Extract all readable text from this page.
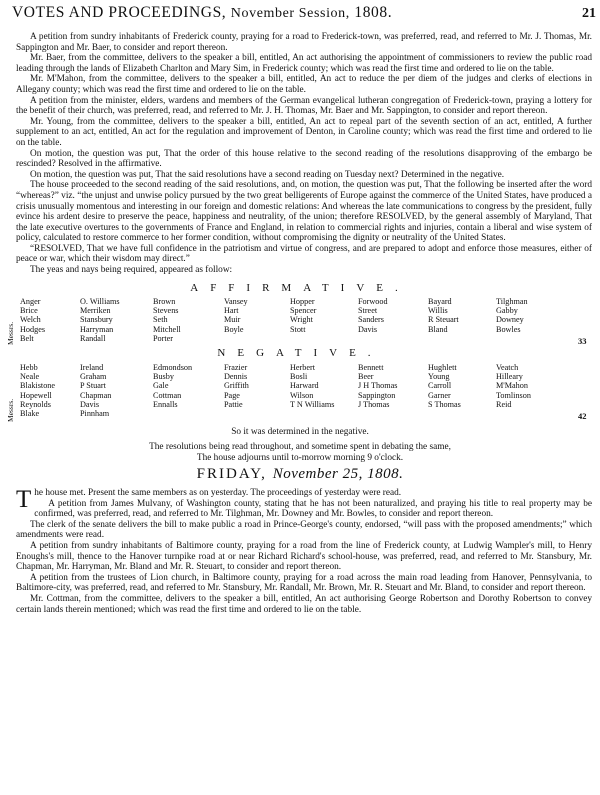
VOTES AND PROCEEDINGS, November Session, 1808.	21

A petition from sundry inhabitants of Frederick county, praying for a road to Frederick-town, was preferred, read, and referred to Mr. J. Thomas, Mr. Sappington and Mr. Baer, to consider and report thereon.

Mr. Baer, from the committee, delivers to the speaker a bill, entitled, An act authorising the appointment of commissioners to review the public road leading through the lands of Elizabeth Charlton and Mary Sim, in Frederick county; which was read the first time and ordered to lie on the table.

Mr. M'Mahon, from the committee, delivers to the speaker a bill, entitled, An act to reduce the per diem of the judges and clerks of elections in Allegany county; which was read the first time and ordered to lie on the table.

A petition from the minister, elders, wardens and members of the German evangelical lutheran congregation of Frederick-town, praying a lottery for the benefit of their church, was preferred, read, and referred to Mr. J. H. Thomas, Mr. Baer and Mr. Sappington, to consider and report thereon.

Mr. Young, from the committee, delivers to the speaker a bill, entitled, An act to repeal part of the seventh section of an act, entitled, A further supplement to an act, entitled, An act for the regulation and improvement of Denton, in Caroline county; which was read the first time and ordered to lie on the table.

On motion, the question was put, That the order of this house relative to the second reading of the resolutions disapproving of the embargo be rescinded? Resolved in the affirmative.

On motion, the question was put, That the said resolutions have a second reading on Tuesday next? Determined in the negative.

The house proceeded to the second reading of the said resolutions, and, on motion, the question was put, That the following be inserted after the word “whereas?” viz. “the unjust and unwise policy pursued by the two great belligerents of Europe against the commerce of the United States, have produced a crisis unusually momentous and interesting in our foreign and domestic relations: And whereas the late communications to congress by the president, fully evince his ardent desire to preserve the peace, happiness and neutrality, of the union; therefore RESOLVED, by the general assembly of Maryland, That the late executive overtures to the governments of France and England, in relation to commercial rights and injuries, contain a liberal and wise system of policy, calculated to restore commerce to her former condition, without compromising the dignity or neutrality of the United States.

“RESOLVED, That we have full confidence in the patriotism and virtue of congress, and are prepared to adopt and enforce those measures, either of peace or war, which their wisdom may direct.”

The yeas and nays being required, appeared as follow:

AFFIRMATIVE.
Messrs.
Anger
Brice
Welch
Hodges
Belt
O. Williams
Merriken
Stansbury
Harryman
Randall
Brown
Stevens
Seth
Mitchell
Porter
Vansey
Hart
Muir
Boyle
Hopper
Spencer
Wright
Stott
Forwood
Street
Sanders
Davis
Bayard
Willis
R Steuart
Bland
Tilghman
Gabby
Downey
Bowles
33
NEGATIVE.
Messrs.
Hebb
Neale
Blakistone
Hopewell
Reynolds
Blake
Ireland
Graham
P Stuart
Chapman
Davis
Pinnham
Edmondson
Busby
Gale
Cottman
Ennalls
Frazier
Dennis
Griffith
Page
Pattie
Herbert
Bosli
Harward
Wilson
T N Williams
Bennett
Beer
J H Thomas
Sappington
J Thomas
Hughlett
Young
Carroll
Garner
S Thomas
Veatch
Hilleary
M'Mahon
Tomlinson
Reid
42
So it was determined in the negative.
The resolutions being read throughout, and sometime spent in debating the same,
The house adjourns until to-morrow morning 9 o'clock.
FRIDAY, November 25, 1808.

The house met. Present the same members as on yesterday. The proceedings of yesterday were read.

A petition from James Mulvany, of Washington county, stating that he has not been naturalized, and praying his title to real property may be confirmed, was preferred, read, and referred to Mr. Tilghman, Mr. Downey and Mr. Bowles, to consider and report thereon.

The clerk of the senate delivers the bill to make public a road in Prince-George's county, endorsed, “will pass with the proposed amendments;” which amendments were read.

A petition from sundry inhabitants of Baltimore county, praying for a road from the line of Frederick county, at Ludwig Wampler's mill, to Henry Enoughs's mill, thence to the Hanover turnpike road at or near Richard Richard's school-house, was preferred, read, and referred to Mr. Stansbury, Mr. Chapman, Mr. Harryman, Mr. Bland and Mr. R. Steuart, to consider and report thereon.

A petition from the trustees of Lion church, in Baltimore county, praying for a road across the main road leading from Hanover, Pennsylvania, to Baltimore-city, was preferred, read, and referred to Mr. Stansbury, Mr. Randall, Mr. Brown, Mr. R. Steuart and Mr. Bland, to consider and report thereon.

Mr. Cottman, from the committee, delivers to the speaker a bill, entitled, An act authorising George Robertson and Dorothy Robertson to convey certain lands therein mentioned; which was read the first time and ordered to lie on the table.
